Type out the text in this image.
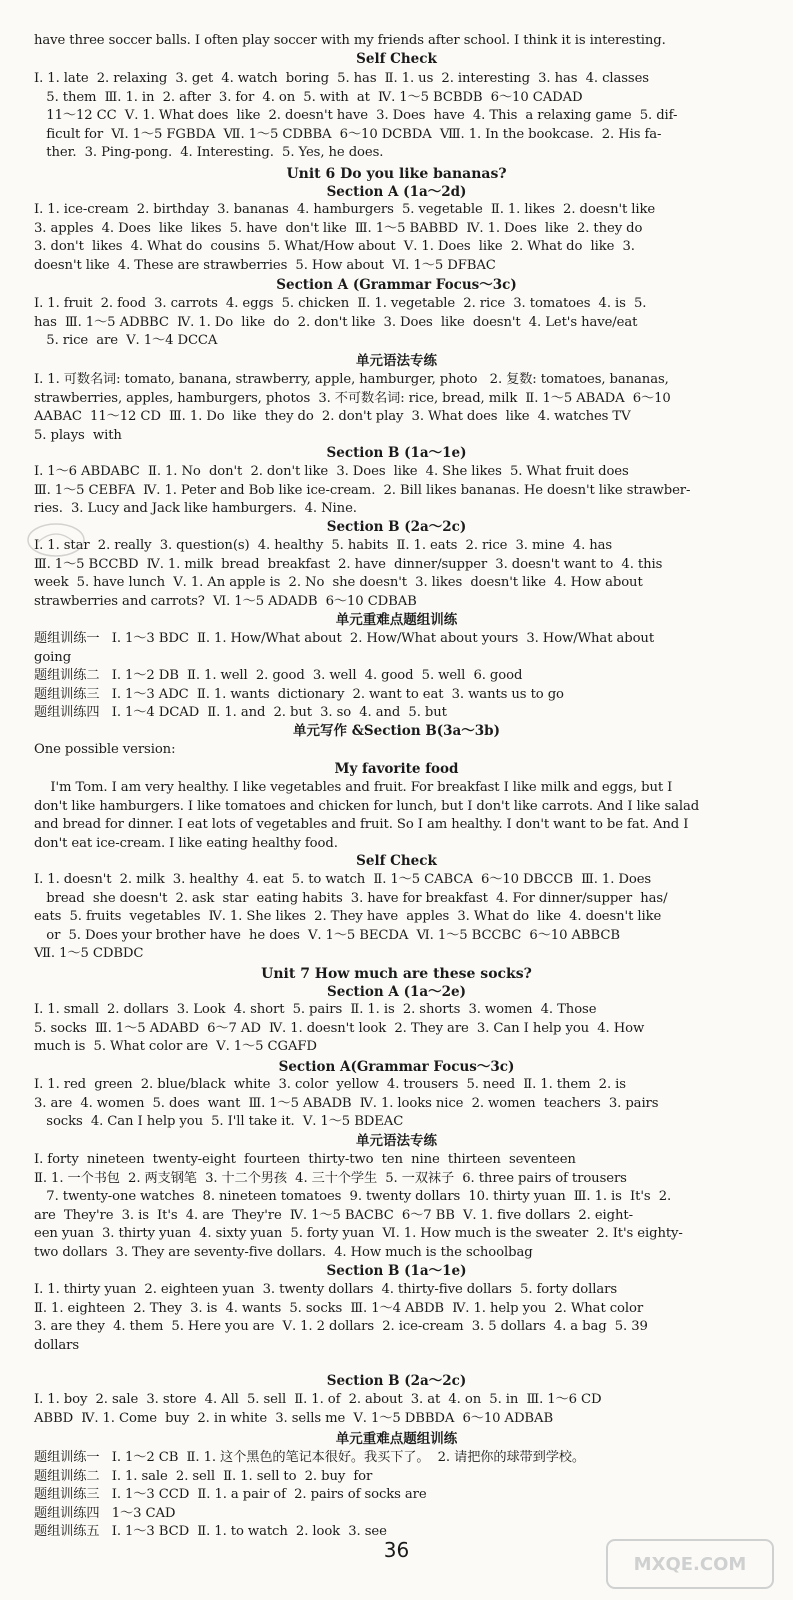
have three soccer balls. I often play soccer with my friends after school. I think it is interesting.
Self Check
Ⅰ. 1. late  2. relaxing  3. get  4. watch  boring  5. has  Ⅱ. 1. us  2. interesting  3. has  4. classes
5. them  Ⅲ. 1. in  2. after  3. for  4. on  5. with  at  Ⅳ. 1～5 BCBDB  6～10 CADAD
11～12 CC  Ⅴ. 1. What does  like  2. doesn't have  3. Does  have  4. This  a relaxing game  5. dif-
ficult for  Ⅵ. 1～5 FGBDA  Ⅶ. 1～5 CDBBA  6～10 DCBDA  Ⅷ. 1. In the bookcase.  2. His fa-
ther.  3. Ping-pong.  4. Interesting.  5. Yes, he does.
Unit 6 Do you like bananas?
Section A (1a～2d)
Ⅰ. 1. ice-cream  2. birthday  3. bananas  4. hamburgers  5. vegetable  Ⅱ. 1. likes  2. doesn't like
3. apples  4. Does  like  likes  5. have  don't like  Ⅲ. 1～5 BABBD  Ⅳ. 1. Does  like  2. they do
3. don't  likes  4. What do  cousins  5. What/How about  Ⅴ. 1. Does  like  2. What do  like  3.
doesn't like  4. These are strawberries  5. How about  Ⅵ. 1～5 DFBAC
Section A (Grammar Focus～3c)
Ⅰ. 1. fruit  2. food  3. carrots  4. eggs  5. chicken  Ⅱ. 1. vegetable  2. rice  3. tomatoes  4. is  5.
has  Ⅲ. 1～5 ADBBC  Ⅳ. 1. Do  like  do  2. don't like  3. Does  like  doesn't  4. Let's have/eat
5. rice  are  Ⅴ. 1～4 DCCA
单元语法专练
Ⅰ. 1. 可数名词: tomato, banana, strawberry, apple, hamburger, photo   2. 复数: tomatoes, bananas,
strawberries, apples, hamburgers, photos  3. 不可数名词: rice, bread, milk  Ⅱ. 1～5 ABADA  6～10
AABAC  11～12 CD  Ⅲ. 1. Do  like  they do  2. don't play  3. What does  like  4. watches TV
5. plays  with
Section B (1a～1e)
Ⅰ. 1～6 ABDABC  Ⅱ. 1. No  don't  2. don't like  3. Does  like  4. She likes  5. What fruit does
Ⅲ. 1～5 CEBFA  Ⅳ. 1. Peter and Bob like ice-cream.  2. Bill likes bananas. He doesn't like strawber-
ries.  3. Lucy and Jack like hamburgers.  4. Nine.
Section B (2a～2c)
Ⅰ. 1. star  2. really  3. question(s)  4. healthy  5. habits  Ⅱ. 1. eats  2. rice  3. mine  4. has
Ⅲ. 1～5 BCCBD  Ⅳ. 1. milk  bread  breakfast  2. have  dinner/supper  3. doesn't want to  4. this
week  5. have lunch  Ⅴ. 1. An apple is  2. No  she doesn't  3. likes  doesn't like  4. How about
strawberries and carrots?  Ⅵ. 1～5 ADADB  6～10 CDBAB
单元重难点题组训练
题组训练一   Ⅰ. 1～3 BDC  Ⅱ. 1. How/What about  2. How/What about yours  3. How/What about
going
题组训练二   Ⅰ. 1～2 DB  Ⅱ. 1. well  2. good  3. well  4. good  5. well  6. good
题组训练三   Ⅰ. 1～3 ADC  Ⅱ. 1. wants  dictionary  2. want to eat  3. wants us to go
题组训练四   Ⅰ. 1～4 DCAD  Ⅱ. 1. and  2. but  3. so  4. and  5. but
单元写作 &Section B(3a～3b)
One possible version:
My favorite food
I'm Tom. I am very healthy. I like vegetables and fruit. For breakfast I like milk and eggs, but I
don't like hamburgers. I like tomatoes and chicken for lunch, but I don't like carrots. And I like salad
and bread for dinner. I eat lots of vegetables and fruit. So I am healthy. I don't want to be fat. And I
don't eat ice-cream. I like eating healthy food.
Self Check
Ⅰ. 1. doesn't  2. milk  3. healthy  4. eat  5. to watch  Ⅱ. 1～5 CABCA  6～10 DBCCB  Ⅲ. 1. Does
bread  she doesn't  2. ask  star  eating habits  3. have for breakfast  4. For dinner/supper  has/
eats  5. fruits  vegetables  Ⅳ. 1. She likes  2. They have  apples  3. What do  like  4. doesn't like
or  5. Does your brother have  he does  Ⅴ. 1～5 BECDA  Ⅵ. 1～5 BCCBC  6～10 ABBCB
Ⅶ. 1～5 CDBDC
Unit 7 How much are these socks?
Section A (1a～2e)
Ⅰ. 1. small  2. dollars  3. Look  4. short  5. pairs  Ⅱ. 1. is  2. shorts  3. women  4. Those
5. socks  Ⅲ. 1～5 ADABD  6～7 AD  Ⅳ. 1. doesn't look  2. They are  3. Can I help you  4. How
much is  5. What color are  Ⅴ. 1～5 CGAFD
Section A(Grammar Focus～3c)
Ⅰ. 1. red  green  2. blue/black  white  3. color  yellow  4. trousers  5. need  Ⅱ. 1. them  2. is
3. are  4. women  5. does  want  Ⅲ. 1～5 ABADB  Ⅳ. 1. looks nice  2. women  teachers  3. pairs
socks  4. Can I help you  5. I'll take it.  Ⅴ. 1～5 BDEAC
单元语法专练
Ⅰ. forty  nineteen  twenty-eight  fourteen  thirty-two  ten  nine  thirteen  seventeen
Ⅱ. 1. 一个书包  2. 两支钢笔  3. 十二个男孩  4. 三十个学生  5. 一双袜子  6. three pairs of trousers
7. twenty-one watches  8. nineteen tomatoes  9. twenty dollars  10. thirty yuan  Ⅲ. 1. is  It's  2.
are  They're  3. is  It's  4. are  They're  Ⅳ. 1～5 BACBC  6～7 BB  Ⅴ. 1. five dollars  2. eight-
een yuan  3. thirty yuan  4. sixty yuan  5. forty yuan  Ⅵ. 1. How much is the sweater  2. It's eighty-
two dollars  3. They are seventy-five dollars.  4. How much is the schoolbag
Section B (1a～1e)
Ⅰ. 1. thirty yuan  2. eighteen yuan  3. twenty dollars  4. thirty-five dollars  5. forty dollars
Ⅱ. 1. eighteen  2. They  3. is  4. wants  5. socks  Ⅲ. 1～4 ABDB  Ⅳ. 1. help you  2. What color
3. are they  4. them  5. Here you are  Ⅴ. 1. 2 dollars  2. ice-cream  3. 5 dollars  4. a bag  5. 39
dollars
Section B (2a～2c)
Ⅰ. 1. boy  2. sale  3. store  4. All  5. sell  Ⅱ. 1. of  2. about  3. at  4. on  5. in  Ⅲ. 1～6 CD
ABBD  Ⅳ. 1. Come  buy  2. in white  3. sells me  Ⅴ. 1～5 DBBDA  6～10 ADBAB
单元重难点题组训练
题组训练一   Ⅰ. 1～2 CB  Ⅱ. 1. 这个黑色的笔记本很好。我买下了。  2. 请把你的球带到学校。
题组训练二   Ⅰ. 1. sale  2. sell  Ⅱ. 1. sell to  2. buy  for
题组训练三   Ⅰ. 1～3 CCD  Ⅱ. 1. a pair of  2. pairs of socks are
题组训练四   1～3 CAD
题组训练五   Ⅰ. 1～3 BCD  Ⅱ. 1. to watch  2. look  3. see
36
MXQE.COM
